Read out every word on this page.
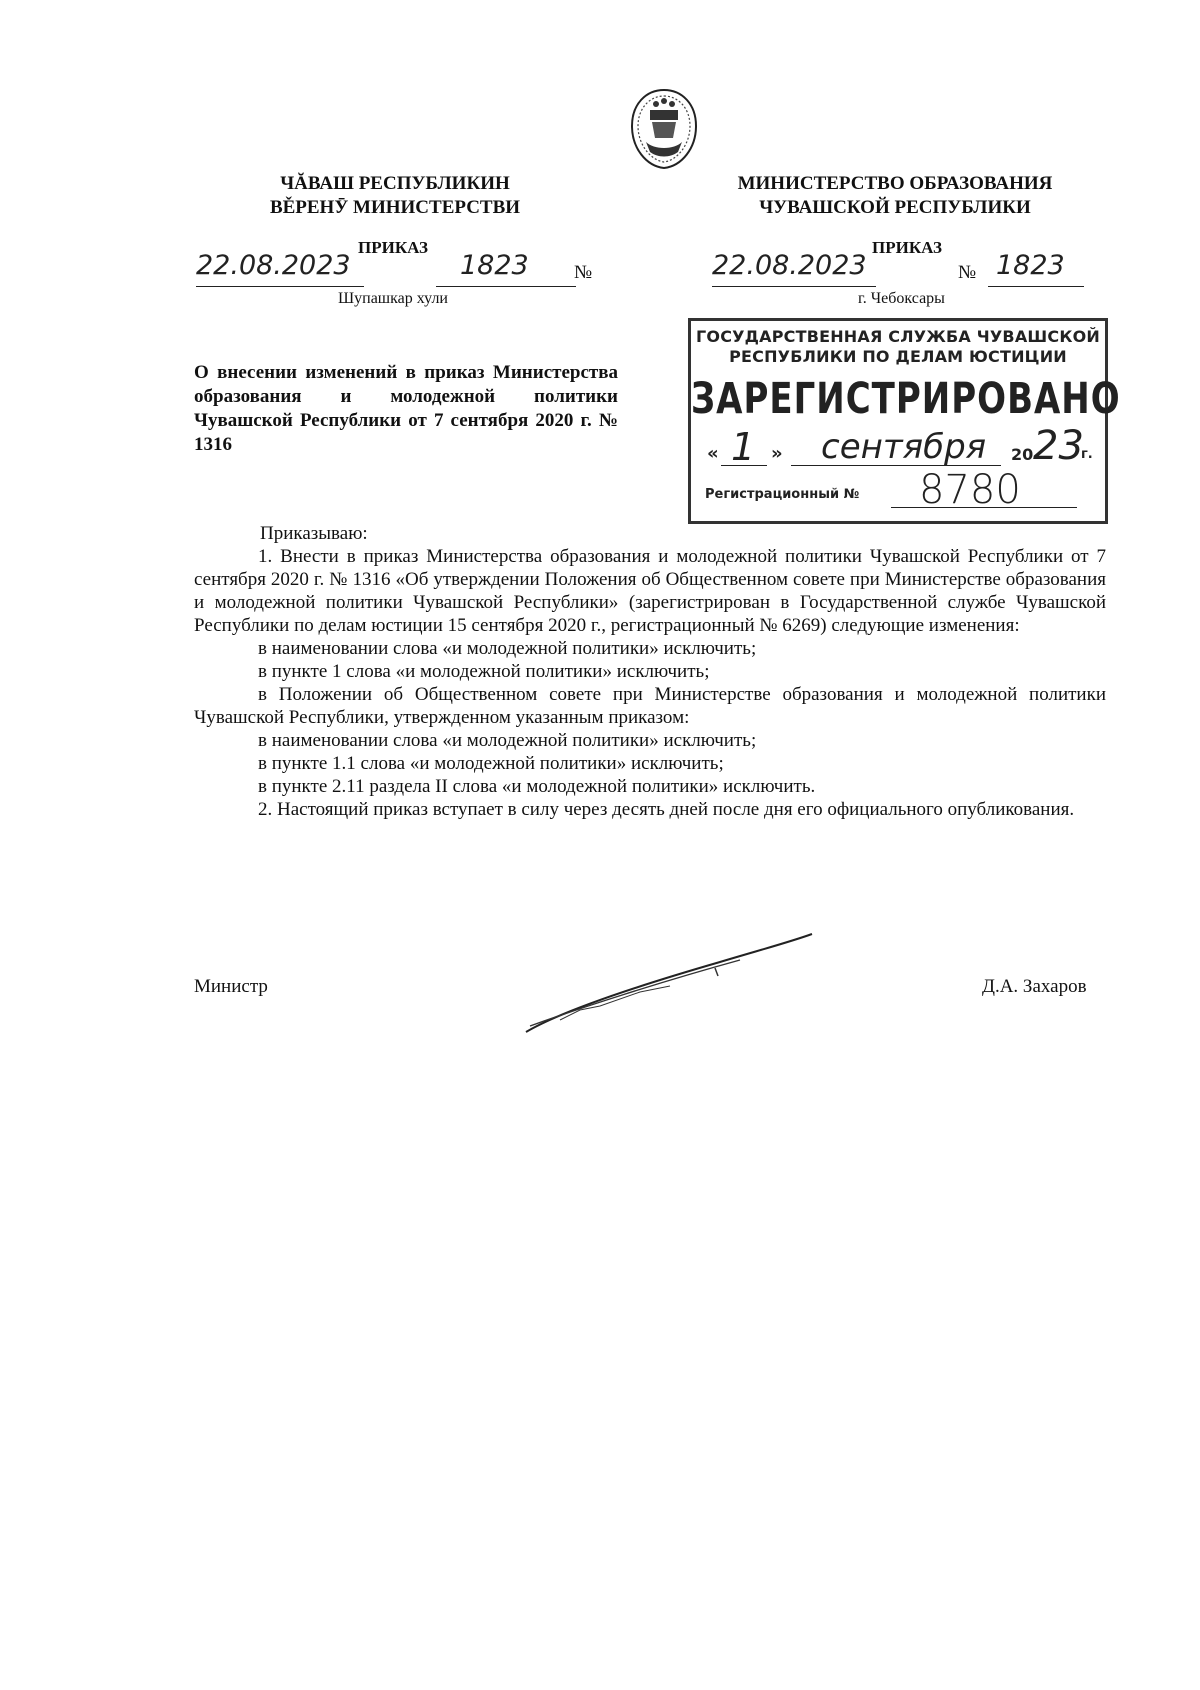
ЧĂВАШ РЕСПУБЛИКИН
ВĚРЕНӮ МИНИСТЕРСТВИ
МИНИСТЕРСТВО ОБРАЗОВАНИЯ
ЧУВАШСКОЙ РЕСПУБЛИКИ
ПРИКАЗ
22.08.2023	1823 №
Шупашкар хули
ПРИКАЗ
22.08.2023	№ 1823
г. Чебоксары
ГОСУДАРСТВЕННАЯ СЛУЖБА ЧУВАШСКОЙ
РЕСПУБЛИКИ ПО ДЕЛАМ ЮСТИЦИИ
ЗАРЕГИСТРИРОВАНО
« 1 » сентября 20 23
г.
Регистрационный № 8780
О внесении изменений в приказ Министерства образования и молодежной политики Чувашской Республики от 7 сентября 2020 г. № 1316

Приказываю:

1. Внести в приказ Министерства образования и молодежной политики Чувашской Республики от 7 сентября 2020 г. № 1316 «Об утверждении Положения об Общественном совете при Министерстве образования и молодежной политики Чувашской Республики» (зарегистрирован в Государственной службе Чувашской Республики по делам юстиции 15 сентября 2020 г., регистрационный № 6269) следующие изменения:

в наименовании слова «и молодежной политики» исключить;

в пункте 1 слова «и молодежной политики» исключить;

в Положении об Общественном совете при Министерстве образования и молодежной политики Чувашской Республики, утвержденном указанным приказом:

в наименовании слова «и молодежной политики» исключить;

в пункте 1.1 слова «и молодежной политики» исключить;

в пункте 2.11 раздела II слова «и молодежной политики» исключить.

2. Настоящий приказ вступает в силу через десять дней после дня его официального опубликования.

Министр	Д.А. Захаров
